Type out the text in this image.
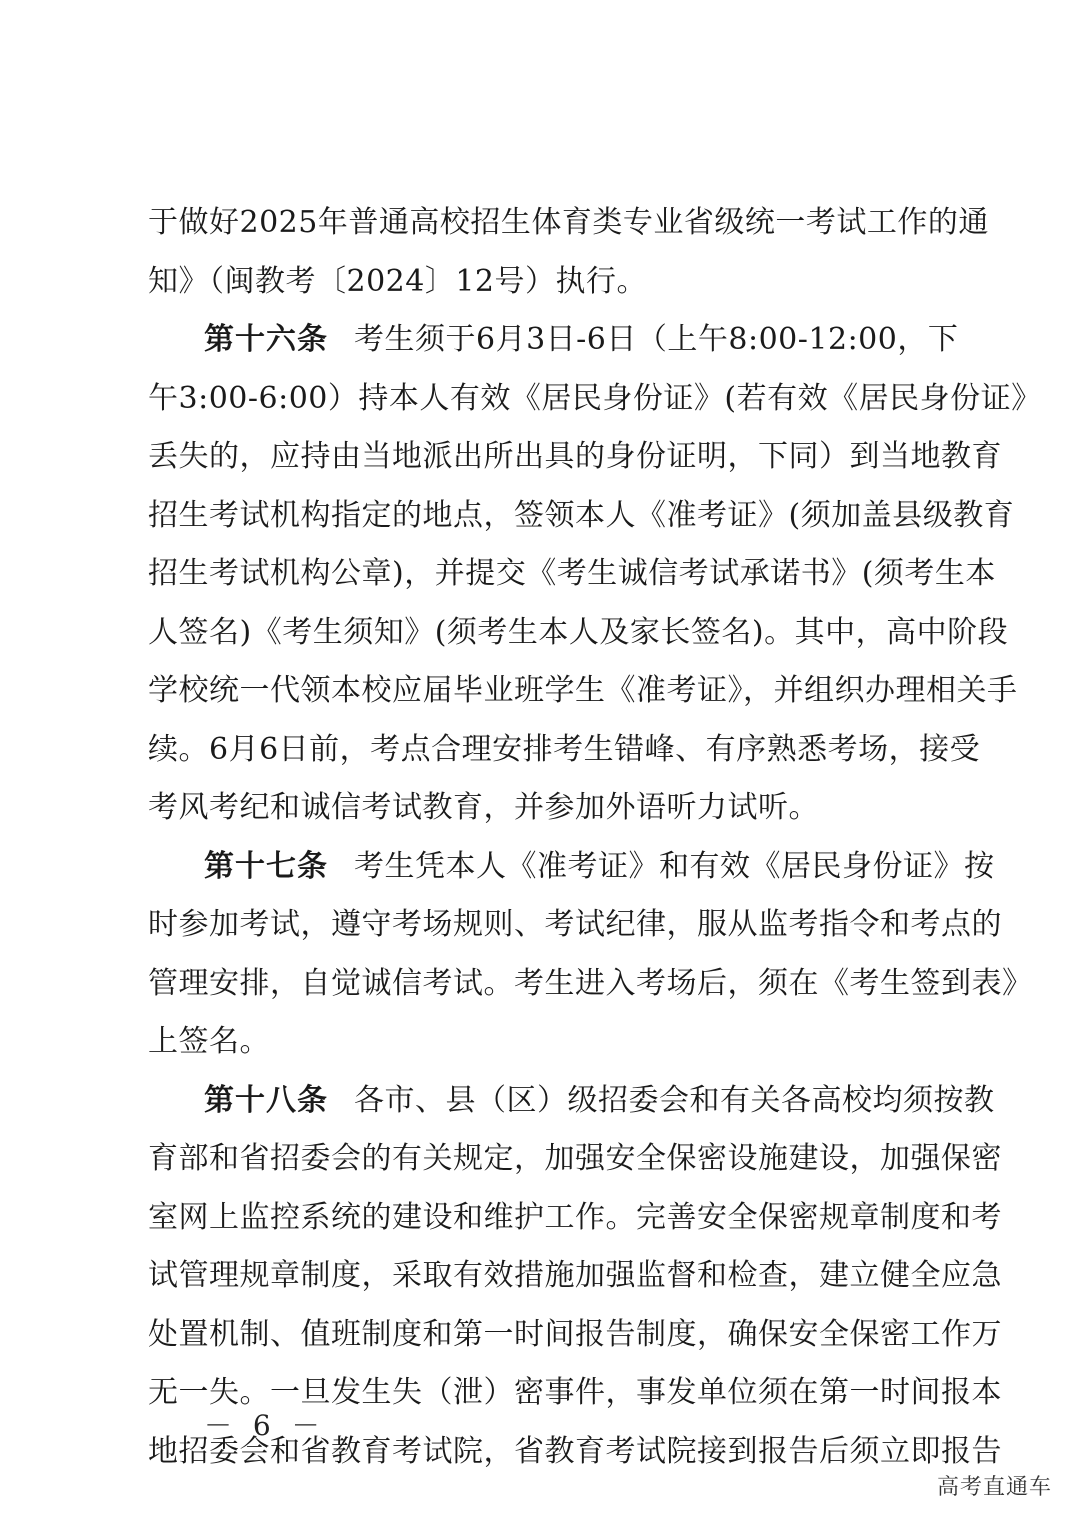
于做好2025年普通高校招生体育类专业省级统一考试工作的通
知》（闽教考〔2024〕12号）执行。
第十六条 考生须于6月3日-6日（上午8:00-12:00，下
午3:00-6:00）持本人有效《居民身份证》(若有效《居民身份证》
丢失的，应持由当地派出所出具的身份证明，下同）到当地教育
招生考试机构指定的地点，签领本人《准考证》(须加盖县级教育
招生考试机构公章)，并提交《考生诚信考试承诺书》(须考生本
人签名)《考生须知》(须考生本人及家长签名)。其中，高中阶段
学校统一代领本校应届毕业班学生《准考证》，并组织办理相关手
续。6月6日前，考点合理安排考生错峰、有序熟悉考场，接受
考风考纪和诚信考试教育，并参加外语听力试听。
第十七条 考生凭本人《准考证》和有效《居民身份证》按
时参加考试，遵守考场规则、考试纪律，服从监考指令和考点的
管理安排，自觉诚信考试。考生进入考场后，须在《考生签到表》
上签名。
第十八条 各市、县（区）级招委会和有关各高校均须按教
育部和省招委会的有关规定，加强安全保密设施建设，加强保密
室网上监控系统的建设和维护工作。完善安全保密规章制度和考
试管理规章制度，采取有效措施加强监督和检查，建立健全应急
处置机制、值班制度和第一时间报告制度，确保安全保密工作万
无一失。一旦发生失（泄）密事件，事发单位须在第一时间报本
地招委会和省教育考试院，省教育考试院接到报告后须立即报告
－ 6 －
高考直通车
